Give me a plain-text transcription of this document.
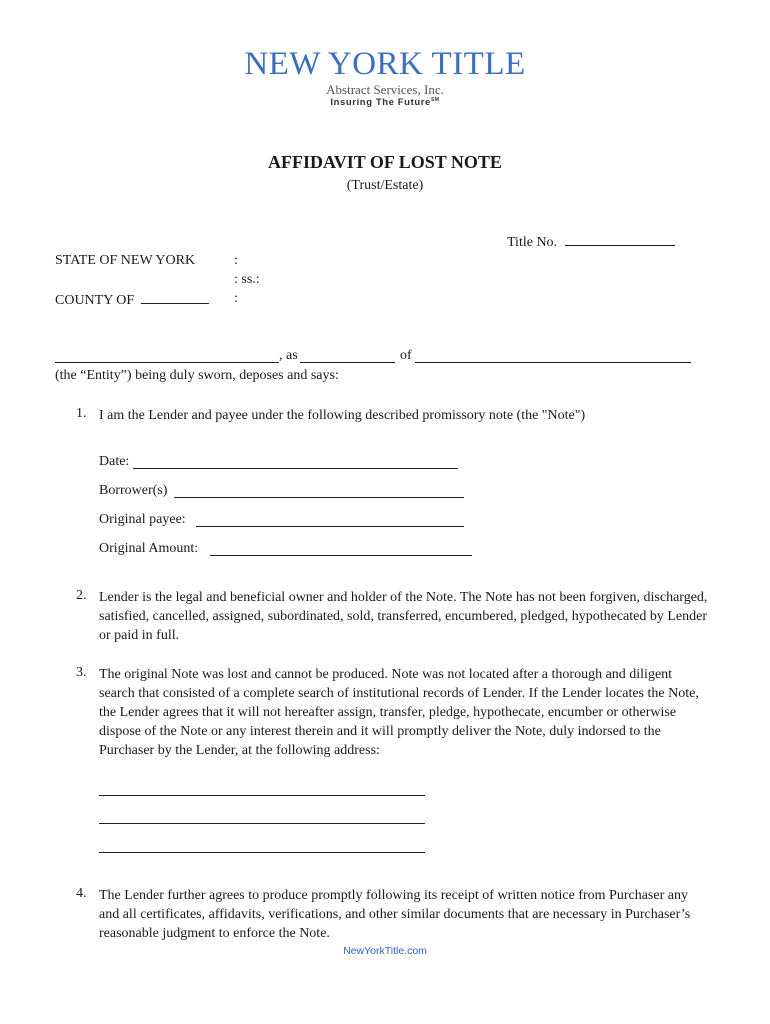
NEW YORK TITLE
Abstract Services, Inc.
Insuring The Future℠
AFFIDAVIT OF LOST NOTE
(Trust/Estate)
Title No.
STATE OF NEW YORK	:
: ss.:
COUNTY OF	:
, as	of
(the “Entity”) being duly sworn, deposes and says:
1. I am the Lender and payee under the following described promissory note (the "Note")
Date:
Borrower(s)
Original payee:
Original Amount:
2. Lender is the legal and beneficial owner and holder of the Note. The Note has not been forgiven, discharged, satisfied, cancelled, assigned, subordinated, sold, transferred, encumbered, pledged, hypothecated by Lender or paid in full.
3. The original Note was lost and cannot be produced. Note was not located after a thorough and diligent search that consisted of a complete search of institutional records of Lender. If the Lender locates the Note, the Lender agrees that it will not hereafter assign, transfer, pledge, hypothecate, encumber or otherwise dispose of the Note or any interest therein and it will promptly deliver the Note, duly indorsed to the Purchaser by the Lender, at the following address:
4. The Lender further agrees to produce promptly following its receipt of written notice from Purchaser any and all certificates, affidavits, verifications, and other similar documents that are necessary in Purchaser’s reasonable judgment to enforce the Note.
NewYorkTitle.com
